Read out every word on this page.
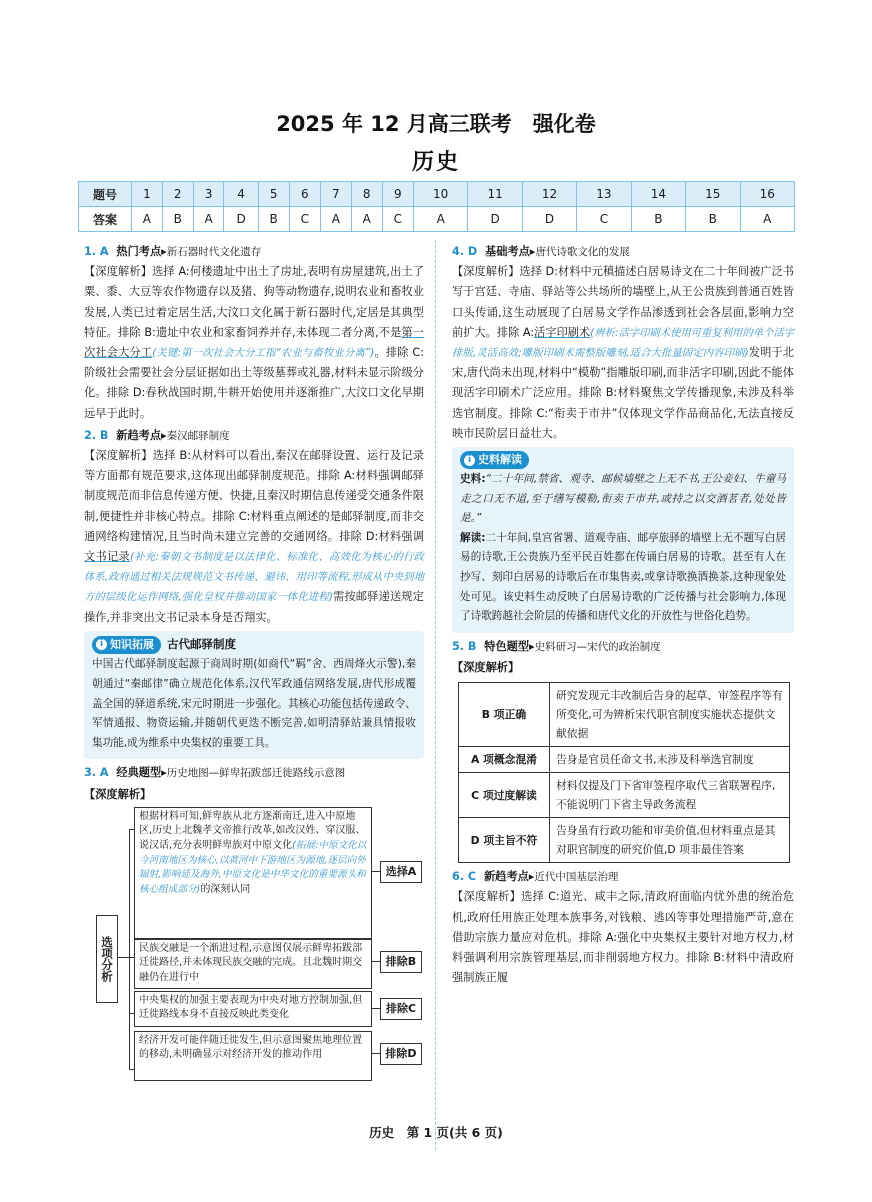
2025 年 12 月高三联考　强化卷
历史
题号	1	2	3	4	5	6	7	8	9	10	11	12	13	14	15	16
答案	A	B	A	D	B	C	A	A	C	A	D	D	C	B	B	A
1. A 热门考点▸新石器时代文化遗存

【深度解析】选择 A:何楼遗址中出土了房址,表明有房屋建筑,出土了粟、黍、大豆等农作物遗存以及猪、狗等动物遗存,说明农业和畜牧业发展,人类已过着定居生活,大汶口文化属于新石器时代,定居是其典型特征。排除 B:遗址中农业和家畜饲养并存,未体现二者分离,不是第一次社会大分工(关键:第一次社会大分工指“农业与畜牧业分离”)。排除 C:阶级社会需要社会分层证据如出土等级墓葬或礼器,材料未显示阶级分化。排除 D:春秋战国时期,牛耕开始使用并逐渐推广,大汶口文化早期远早于此时。

2. B 新趋考点▸秦汉邮驿制度

【深度解析】选择 B:从材料可以看出,秦汉在邮驿设置、运行及记录等方面都有规范要求,这体现出邮驿制度规范。排除 A:材料强调邮驿制度规范而非信息传递方便、快捷,且秦汉时期信息传递受交通条件限制,便捷性并非核心特点。排除 C:材料重点阐述的是邮驿制度,而非交通网络构建情况,且当时尚未建立完善的交通网络。排除 D:材料强调文书记录(补充:秦朝文书制度是以法律化、标准化、高效化为核心的行政体系,政府通过相关法规规范文书传递、避讳、用印等流程,形成从中央到地方的层级化运作网络,强化皇权并推动国家一体化进程)需按邮驿递送规定操作,并非突出文书记录本身是否翔实。

i 知识拓展 古代邮驿制度
中国古代邮驿制度起源于商周时期(如商代“羁”舍、西周烽火示警),秦朝通过“秦邮律”确立规范化体系,汉代军政通信网络发展,唐代形成覆盖全国的驿道系统,宋元时期进一步强化。其核心功能包括传递政令、军情通报、物资运输,并随朝代更迭不断完善,如明清驿站兼具情报收集功能,成为维系中央集权的重要工具。
3. A 经典题型▸历史地图—鲜卑拓跋部迁徙路线示意图
【深度解析】
选项分析
根据材料可知,鲜卑族从北方逐渐南迁,进入中原地区,历史上北魏孝文帝推行改革,如改汉姓、穿汉服、说汉话,充分表明鲜卑族对中原文化(拓展:中原文化以今河南地区为核心,以黄河中下游地区为源地,逐层向外辐射,影响延及海外,中原文化是中华文化的重要源头和核心组成部分)的深刻认同
选择A
民族交融是一个渐进过程,示意图仅展示鲜卑拓跋部迁徙路径,并未体现民族交融的完成。且北魏时期交融仍在进行中
排除B
中央集权的加强主要表现为中央对地方控制加强,但迁徙路线本身不直接反映此类变化
排除C
经济开发可能伴随迁徙发生,但示意图聚焦地理位置的移动,未明确显示对经济开发的推动作用	排除D
4. D 基础考点▸唐代诗歌文化的发展

【深度解析】选择 D:材料中元稹描述白居易诗文在二十年间被广泛书写于宫廷、寺庙、驿站等公共场所的墙壁上,从王公贵族到普通百姓皆口头传诵,这生动展现了白居易文学作品渗透到社会各层面,影响力空前扩大。排除 A:活字印刷术(辨析:活字印刷术使用可重复利用的单个活字排版,灵活高效;雕版印刷术需整版雕刻,适合大批量固定内容印刷)发明于北宋,唐代尚未出现,材料中“模勒”指雕版印刷,而非活字印刷,因此不能体现活字印刷术广泛应用。排除 B:材料聚焦文学传播现象,未涉及科举选官制度。排除 C:“衔卖于市井”仅体现文学作品商品化,无法直接反映市民阶层日益壮大。

i 史料解读
史料:“二十年间,禁省、观寺、邮候墙壁之上无不书,王公妾妇、牛童马走之口无不道,至于缮写模勒,衔卖于市井,或持之以交酒茗者,处处皆是。”
解读:二十年间,皇宫省署、道观寺庙、邮亭旅驿的墙壁上无不题写白居易的诗歌,王公贵族乃至平民百姓都在传诵白居易的诗歌。甚至有人在抄写、刻印白居易的诗歌后在市集售卖,或拿诗歌换酒换茶,这种现象处处可见。该史料生动反映了白居易诗歌的广泛传播与社会影响力,体现了诗歌跨越社会阶层的传播和唐代文化的开放性与世俗化趋势。
5. B 特色题型▸史料研习—宋代的政治制度
【深度解析】
B 项正确	研究发现元丰改制后告身的起草、审签程序等有所变化,可为辨析宋代职官制度实施状态提供文献依据
A 项概念混淆	告身是官员任命文书,未涉及科举选官制度
C 项过度解读	材料仅提及门下省审签程序取代三省联署程序,不能说明门下省主导政务流程
D 项主旨不符	告身虽有行政功能和审美价值,但材料重点是其对职官制度的研究价值,D 项非最佳答案
6. C 新趋考点▸近代中国基层治理

【深度解析】选择 C:道光、咸丰之际,清政府面临内忧外患的统治危机,政府任用族正处理本族事务,对钱粮、逃凶等事处理措施严苛,意在借助宗族力量应对危机。排除 A:强化中央集权主要针对地方权力,材料强调利用宗族管理基层,而非削弱地方权力。排除 B:材料中清政府强制族正履

历史　第 1 页(共 6 页)
